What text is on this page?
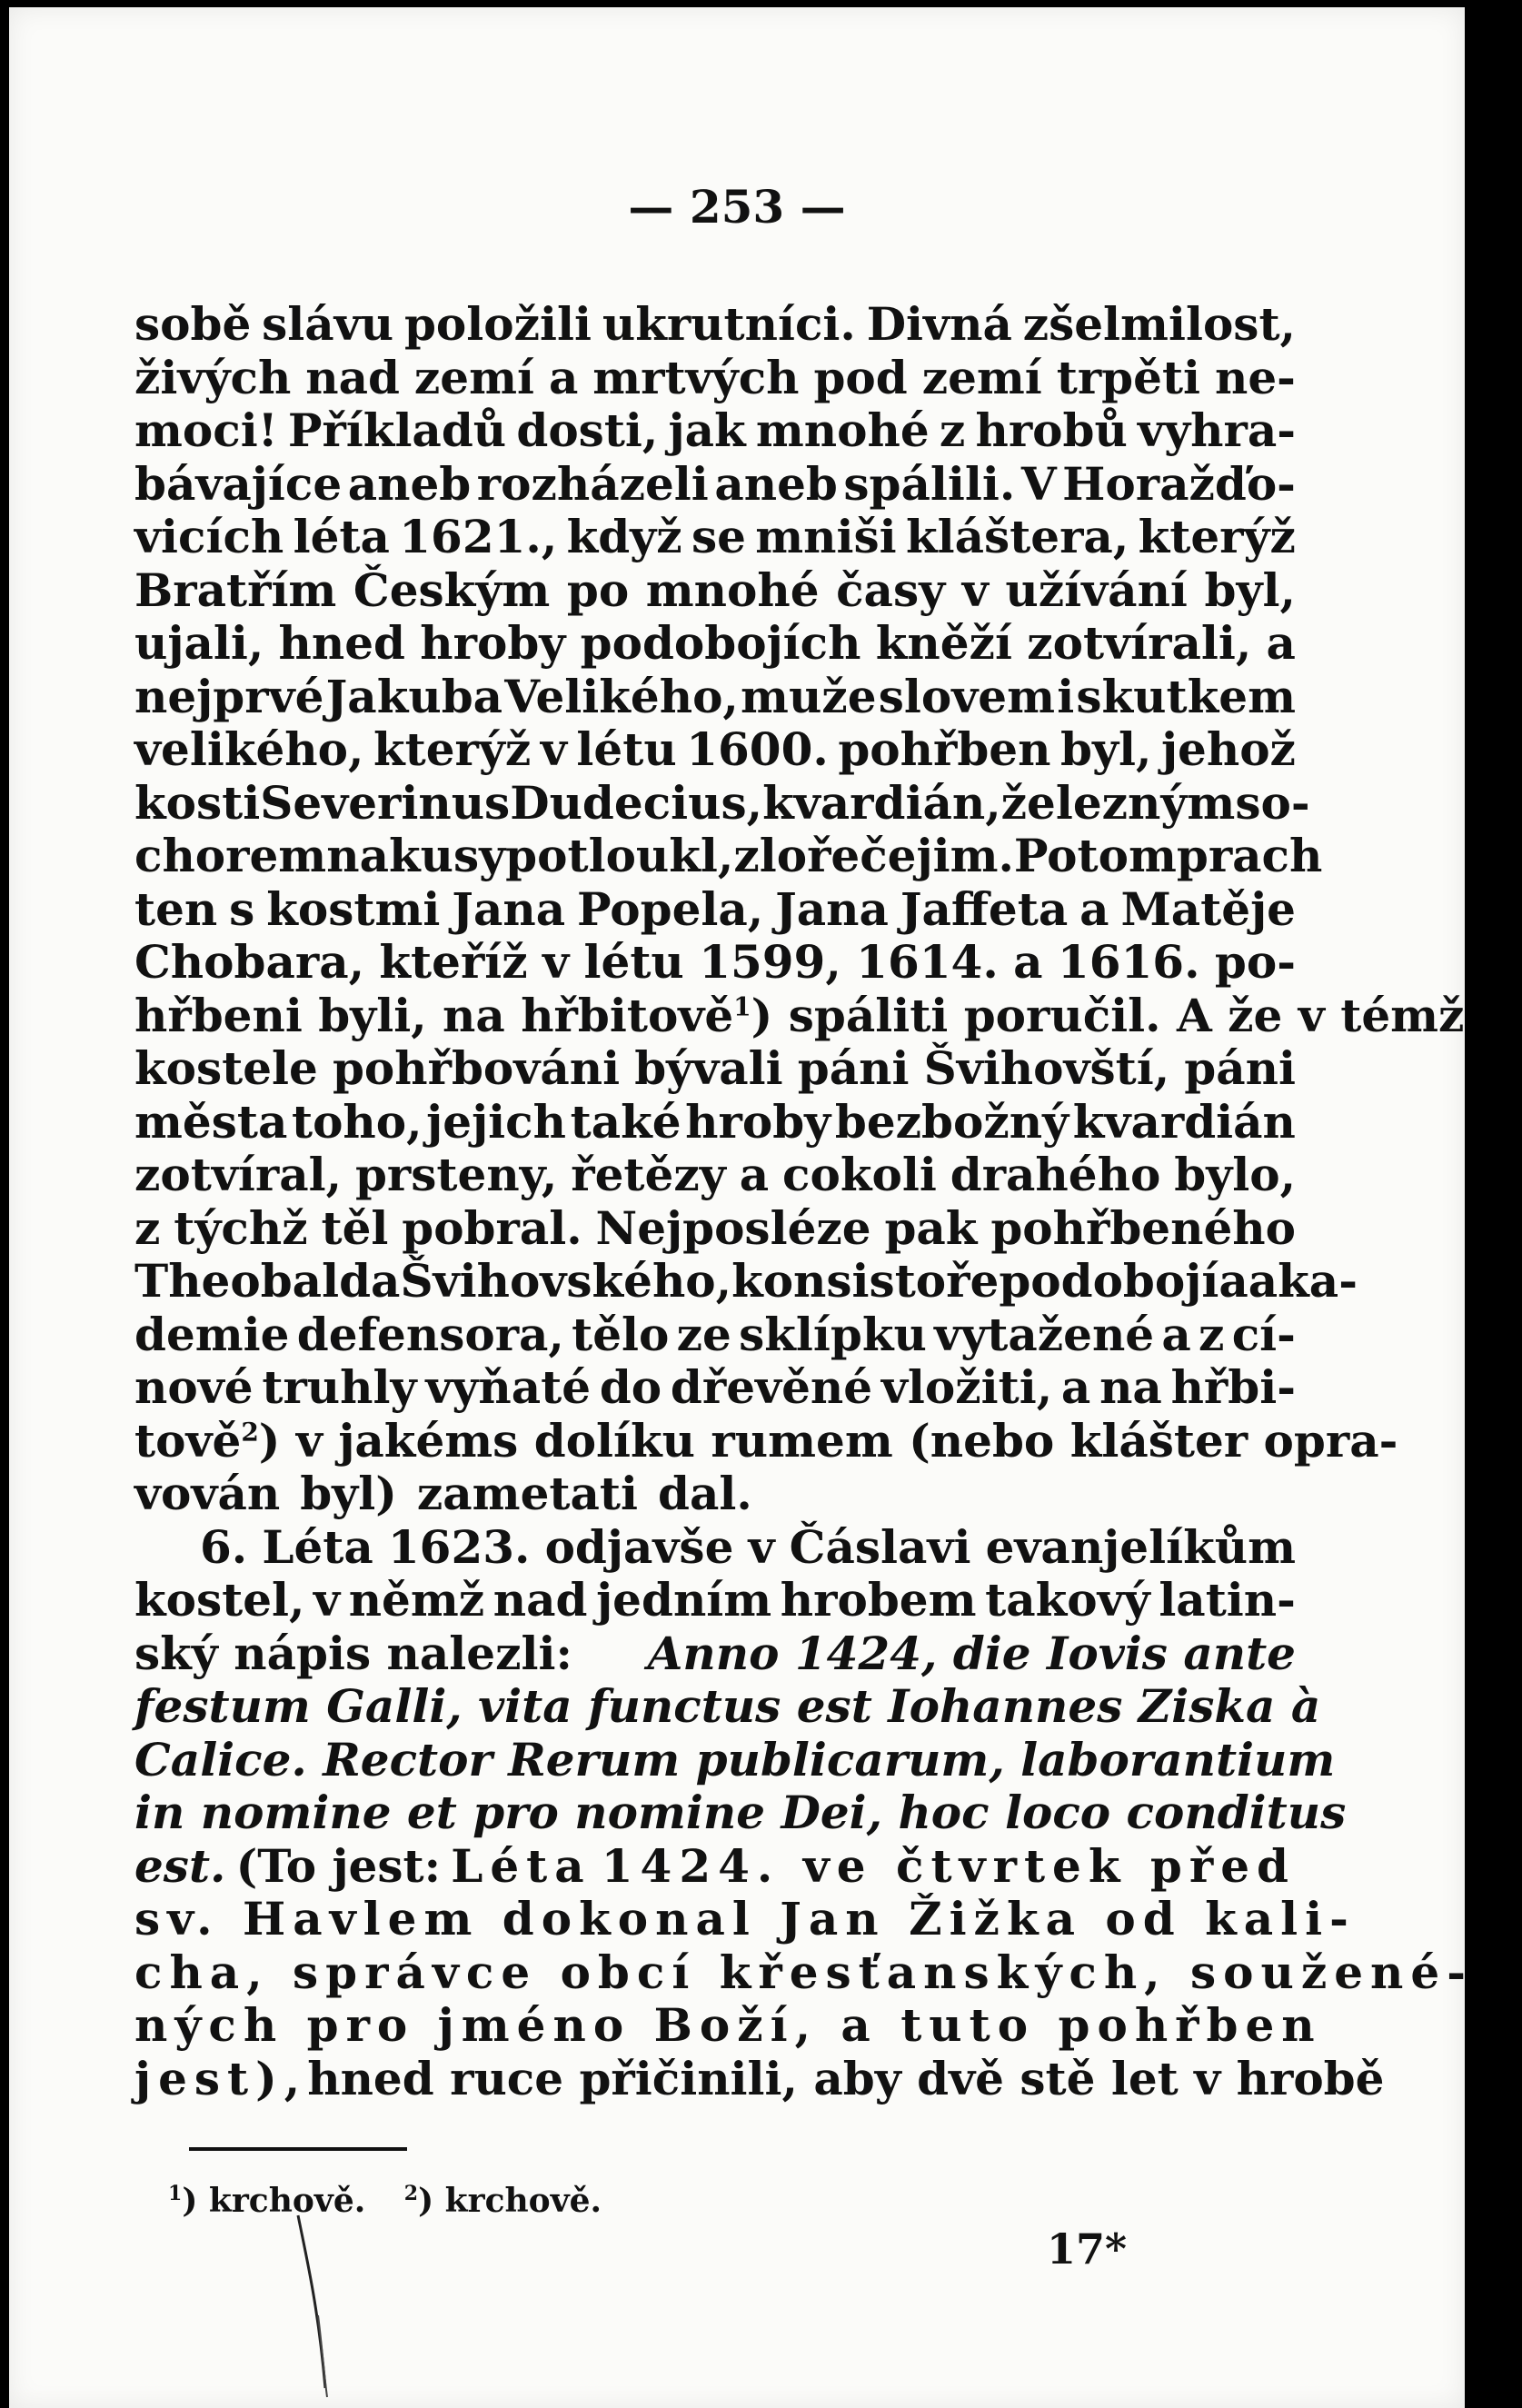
— 253 —
sobě slávu položili ukrutníci. Divná zšelmilost,
živých nad zemí a mrtvých pod zemí trpěti ne-
moci! Příkladů dosti, jak mnohé z hrobů vyhra-
bávajíce aneb rozházeli aneb spálili. V Horažďo-
vicích léta 1621., když se mniši kláštera, kterýž
Bratřím Českým po mnohé časy v užívání byl,
ujali, hned hroby podobojích kněží zotvírali, a
nejprvé Jakuba Velikého, muže slovem i skutkem
velikého, kterýž v létu 1600. pohřben byl, jehož
kosti Severinus Dudecius, kvardián, železným so-
chorem na kusy potloukl, zlořeče jim. Potom prach
ten s kostmi Jana Popela, Jana Jaffeta a Matěje
Chobara, kteříž v létu 1599, 1614. a 1616. po-
hřbeni byli, na hřbitově $^1$) spáliti poručil. A že v témž
kostele pohřbováni bývali páni Švihovští, páni
města toho, jejich také hroby bezbožný kvardián
zotvíral, prsteny, řetězy a cokoli drahého bylo,
z týchž těl pobral. Nejposléze pak pohřbeného
Theobalda Švihovského, konsistoře podobojí a aka-
demie defensora, tělo ze sklípku vytažené a z cí-
nové truhly vyňaté do dřevěné vložiti, a na hřbi-
tově$^2$) v jakéms dolíku rumem (nebo klášter opra-
vován byl) zametati dal.
6. Léta 1623. odjavše v Čáslavi evanjelíkům
kostel, v němž nad jedním hrobem takový latin-
ský nápis nalezli: Anno 1424, die Iovis ante
festum Galli, vita functus est Iohannes Ziska à
Calice. Rector Rerum publicarum, laborantium
in nomine et pro nomine Dei, hoc loco conditus
est. (To jest: Léta 1424. ve čtvrtek před
sv. Havlem dokonal Jan Žižka od kali-
cha, správce obcí křesťanských, soužené-
ných pro jméno Boží, a tuto pohřben
jest), hned ruce přičinili, aby dvě stě let v hrobě
$^1$) krchově. $^2$) krchově.
17*
